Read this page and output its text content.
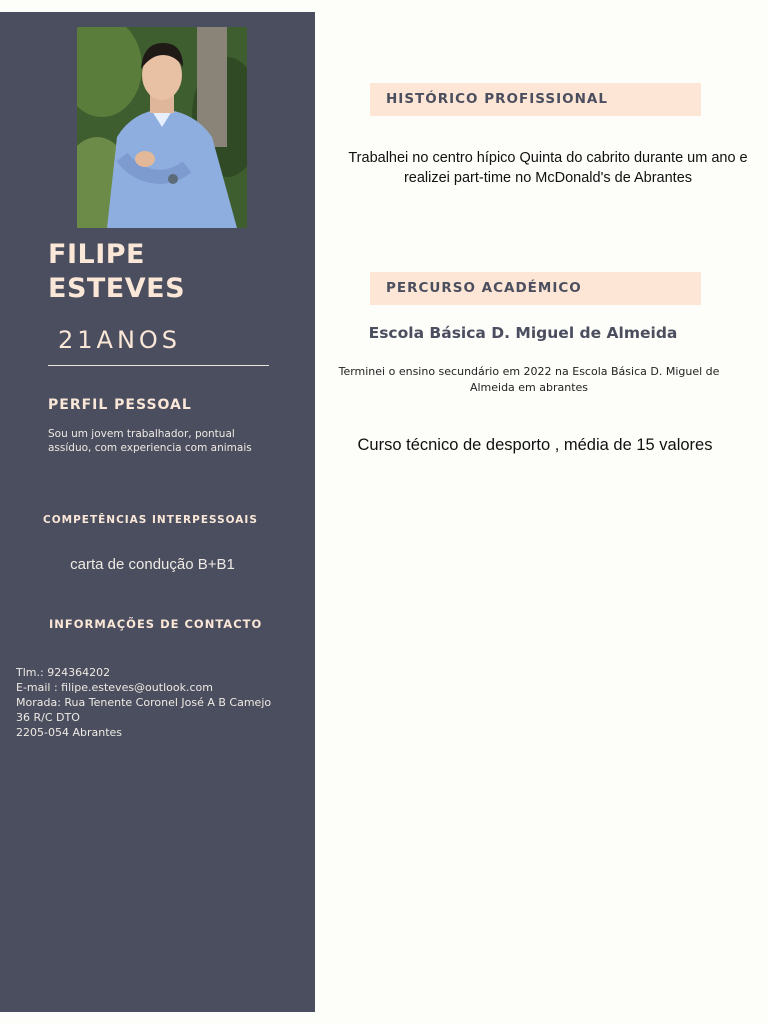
FILIPE
ESTEVES
21ANOS
PERFIL PESSOAL
Sou um jovem trabalhador, pontual assíduo, com experiencia com animais
COMPETÊNCIAS INTERPESSOAIS
carta de condução B+B1
INFORMAÇÕES DE CONTACTO
Tlm.: 924364202
E-mail : filipe.esteves@outlook.com
Morada: Rua Tenente Coronel José A B Camejo
36 R/C DTO
2205-054 Abrantes
HISTÓRICO PROFISSIONAL
Trabalhei no centro hípico Quinta do cabrito durante um ano e realizei part-time no McDonald's de Abrantes
PERCURSO ACADÉMICO
Escola Básica D. Miguel de Almeida
Terminei o ensino secundário em 2022 na Escola Básica D. Miguel de Almeida em abrantes
Curso técnico de desporto , média de 15 valores
